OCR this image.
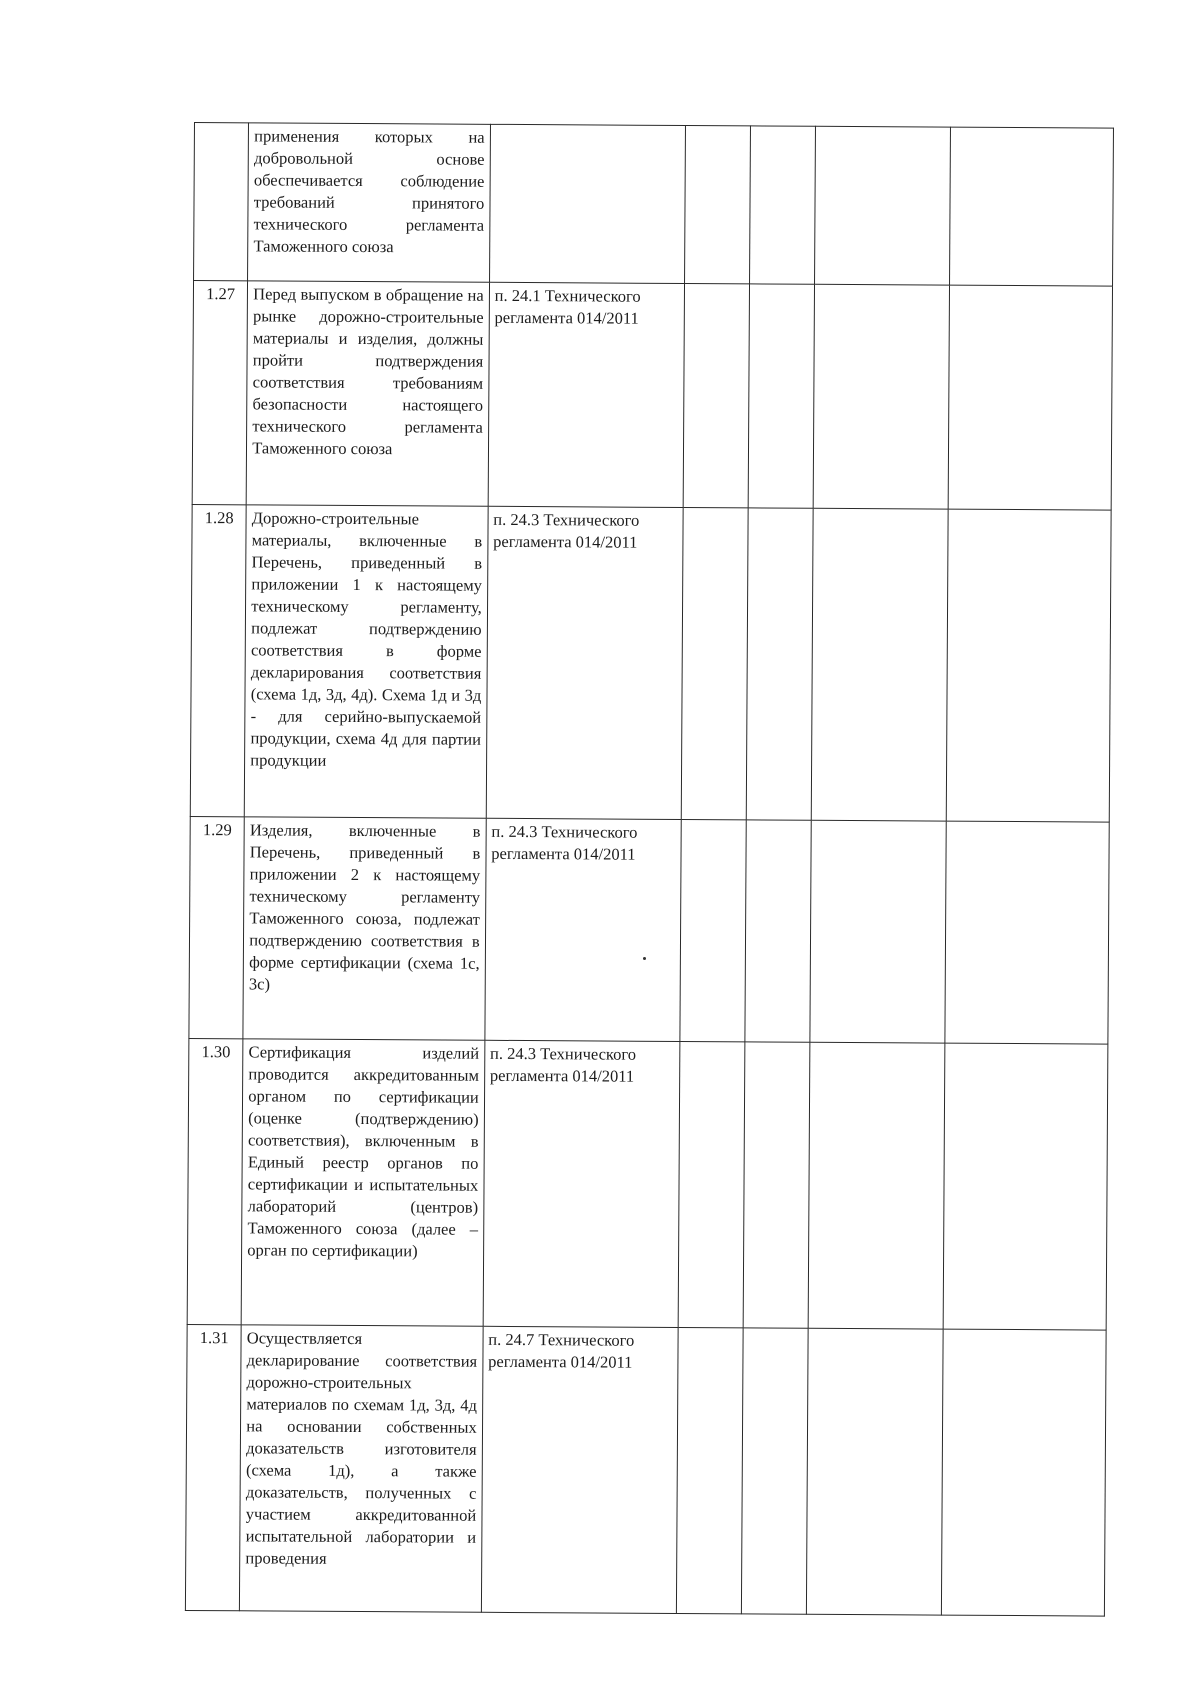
	применения которых на добровольной основе обеспечивается соблюдение требований принятого технического регламента Таможенного союза					
1.27	Перед выпуском в обращение на рынке дорожно-строительные материалы и изделия, должны пройти подтверждения соответствия требованиям безопасности настоящего технического регламента Таможенного союза	п. 24.1 Технического регламента 014/2011				
1.28	Дорожно-строительные материалы, включенные в Перечень, приведенный в приложении 1 к настоящему техническому регламенту, подлежат подтверждению соответствия в форме декларирования соответствия (схема 1д, 3д, 4д). Схема 1д и 3д - для серийно-выпускаемой продукции, схема 4д для партии продукции	п. 24.3 Технического регламента 014/2011				
1.29	Изделия, включенные в Перечень, приведенный в приложении 2 к настоящему техническому регламенту Таможенного союза, подлежат подтверждению соответствия в форме сертификации (схема 1с, 3с)	п. 24.3 Технического регламента 014/2011				
1.30	Сертификация изделий проводится аккредитованным органом по сертификации (оценке (подтверждению) соответствия), включенным в Единый реестр органов по сертификации и испытательных лабораторий (центров) Таможенного союза (далее – орган по сертификации)	п. 24.3 Технического регламента 014/2011				
1.31	Осуществляется декларирование соответствия дорожно-строительных материалов по схемам 1д, 3д, 4д на основании собственных доказательств изготовителя (схема 1д), а также доказательств, полученных с участием аккредитованной испытательной лаборатории и проведения	п. 24.7 Технического регламента 014/2011				
